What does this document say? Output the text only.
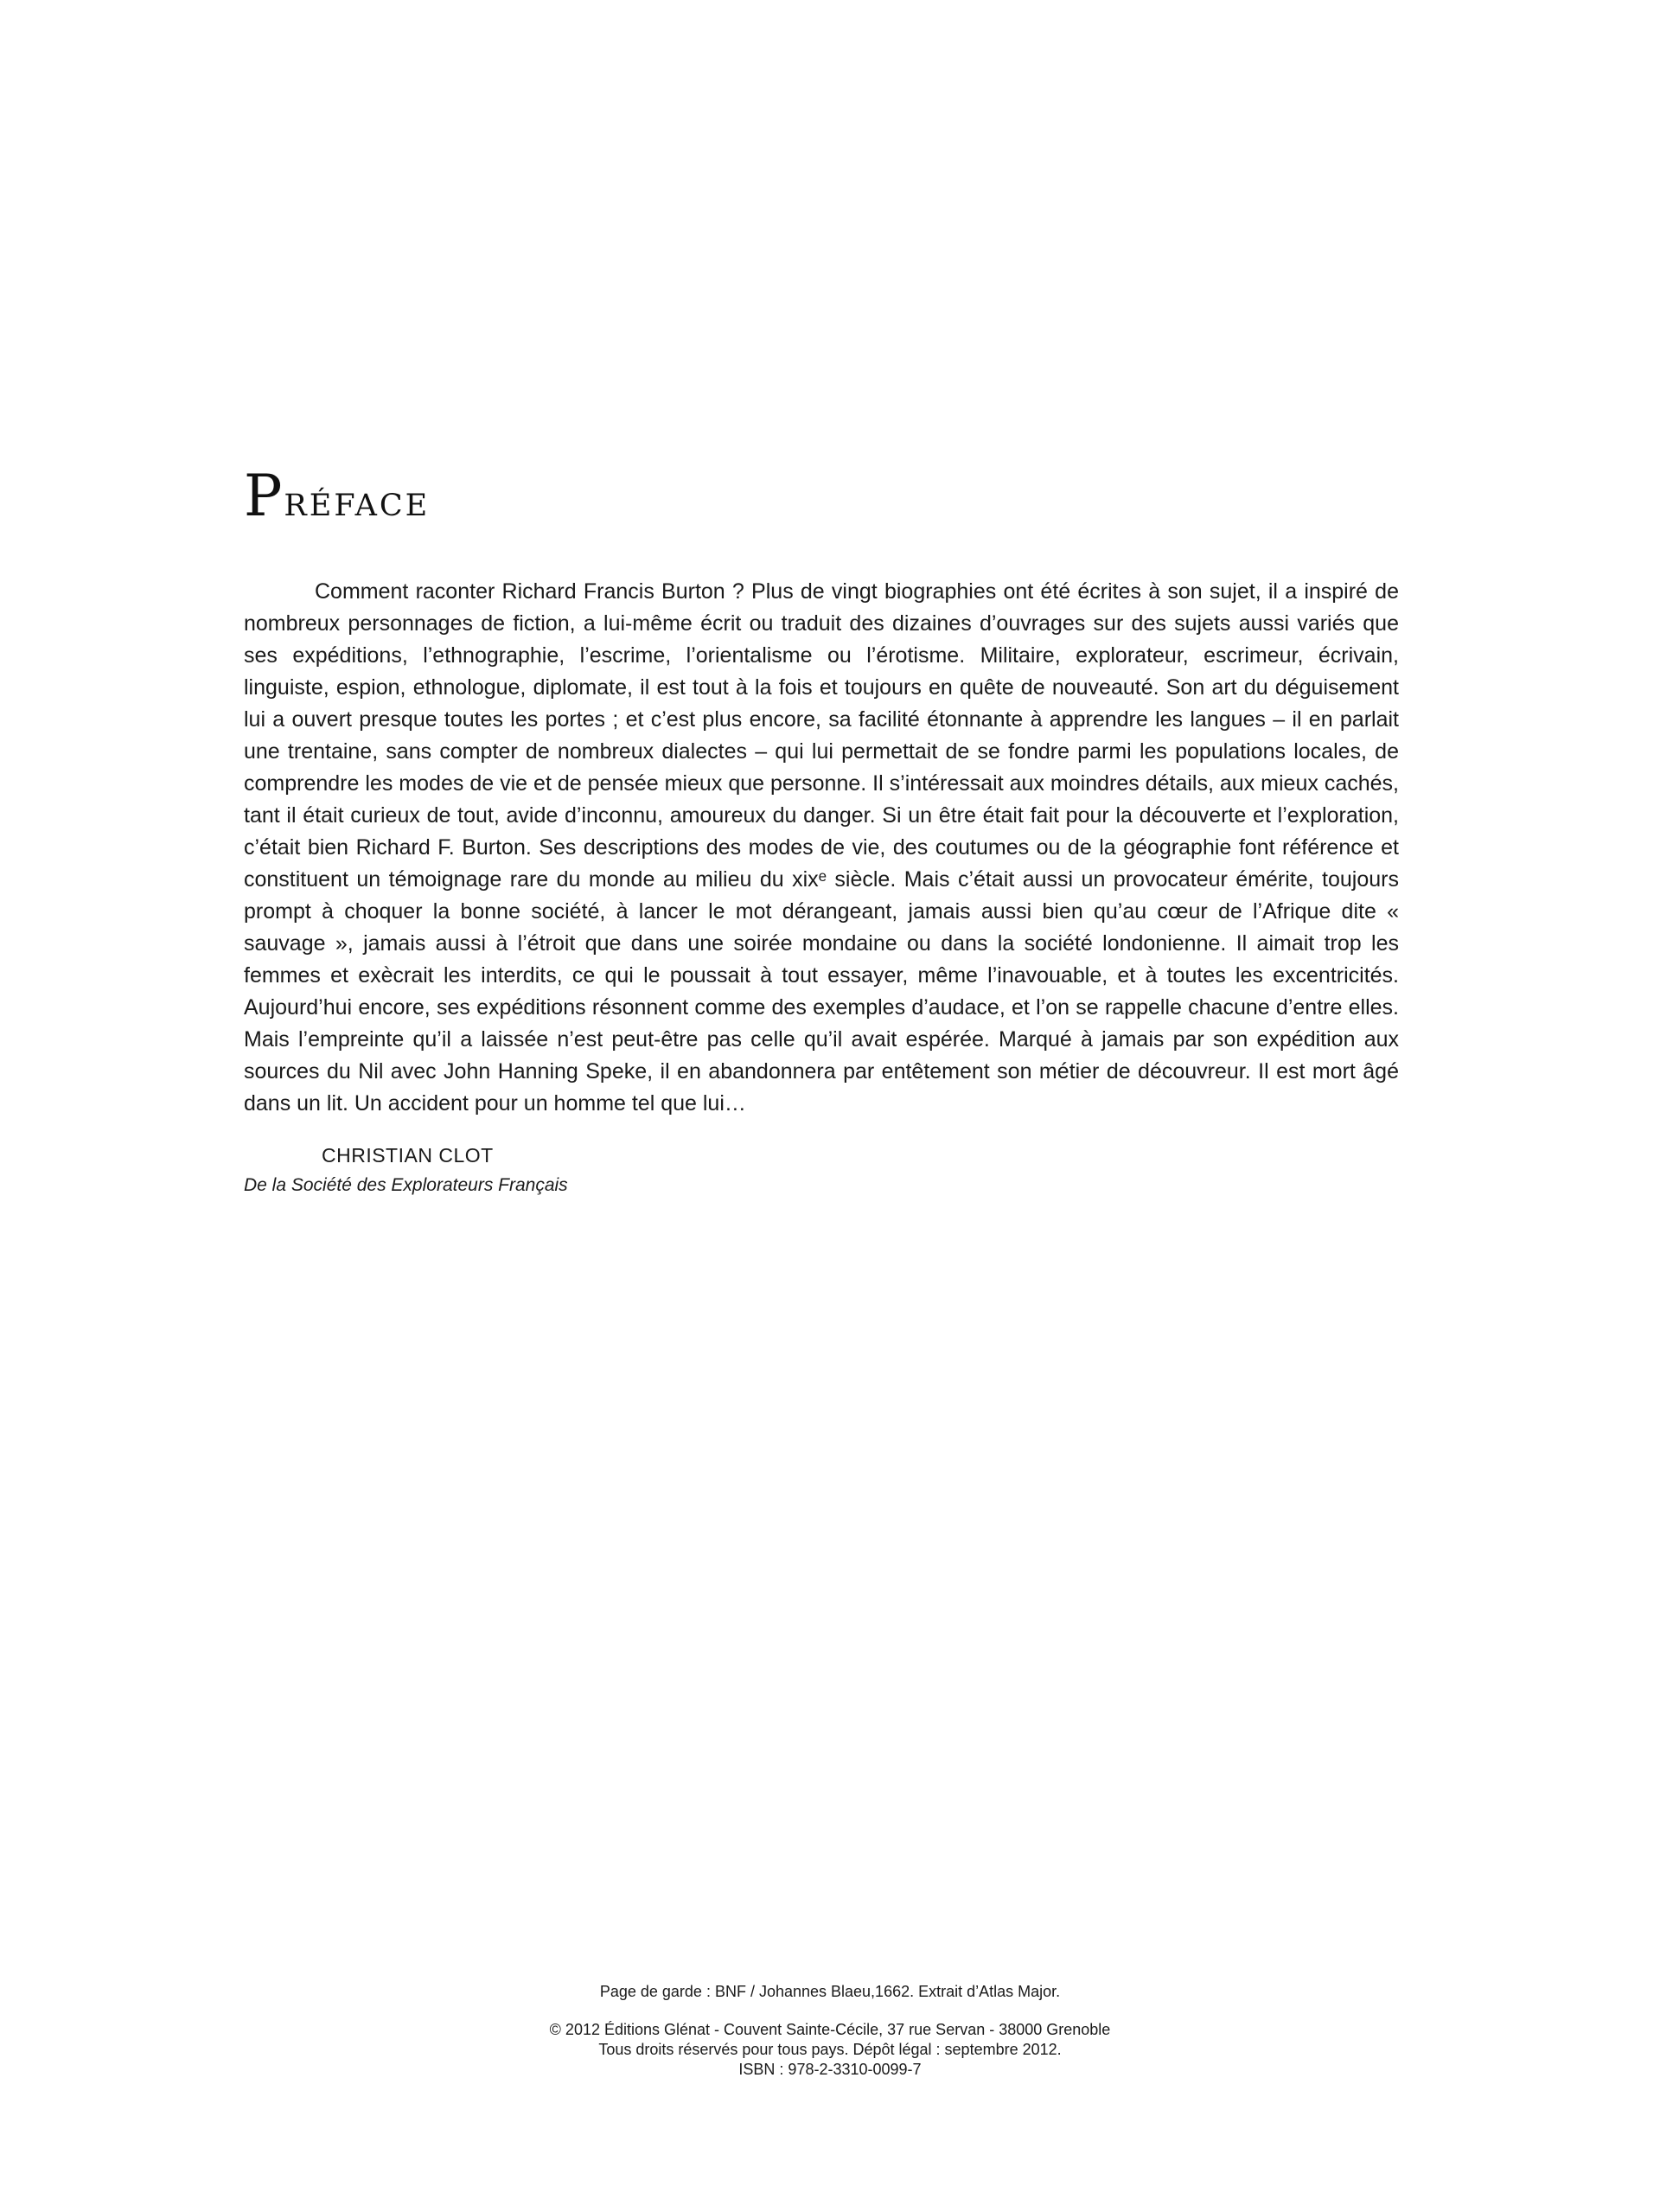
Préface

Comment raconter Richard Francis Burton ? Plus de vingt biographies ont été écrites à son sujet, il a inspiré de nombreux personnages de fiction, a lui-même écrit ou traduit des dizaines d’ouvrages sur des sujets aussi variés que ses expéditions, l’ethnographie, l’escrime, l’orientalisme ou l’érotisme. Militaire, explorateur, escrimeur, écrivain, linguiste, espion, ethnologue, diplomate, il est tout à la fois et toujours en quête de nouveauté. Son art du déguisement lui a ouvert presque toutes les portes ; et c’est plus encore, sa facilité étonnante à apprendre les langues – il en parlait une trentaine, sans compter de nombreux dialectes – qui lui permettait de se fondre parmi les populations locales, de comprendre les modes de vie et de pensée mieux que personne. Il s’intéressait aux moindres détails, aux mieux cachés, tant il était curieux de tout, avide d’inconnu, amoureux du danger. Si un être était fait pour la découverte et l’exploration, c’était bien Richard F. Burton. Ses descriptions des modes de vie, des coutumes ou de la géographie font référence et constituent un témoignage rare du monde au milieu du xixᵉ siècle. Mais c’était aussi un provocateur émérite, toujours prompt à choquer la bonne société, à lancer le mot dérangeant, jamais aussi bien qu’au cœur de l’Afrique dite « sauvage », jamais aussi à l’étroit que dans une soirée mondaine ou dans la société londonienne. Il aimait trop les femmes et exècrait les interdits, ce qui le poussait à tout essayer, même l’inavouable, et à toutes les excentricités. Aujourd’hui encore, ses expéditions résonnent comme des exemples d’audace, et l’on se rappelle chacune d’entre elles. Mais l’empreinte qu’il a laissée n’est peut-être pas celle qu’il avait espérée. Marqué à jamais par son expédition aux sources du Nil avec John Hanning Speke, il en abandonnera par entêtement son métier de découvreur. Il est mort âgé dans un lit. Un accident pour un homme tel que lui…

CHRISTIAN CLOT
De la Société des Explorateurs Français
Page de garde : BNF / Johannes Blaeu,1662. Extrait d’Atlas Major.
© 2012 Éditions Glénat - Couvent Sainte-Cécile, 37 rue Servan - 38000 Grenoble
Tous droits réservés pour tous pays. Dépôt légal : septembre 2012.
ISBN : 978-2-3310-0099-7
